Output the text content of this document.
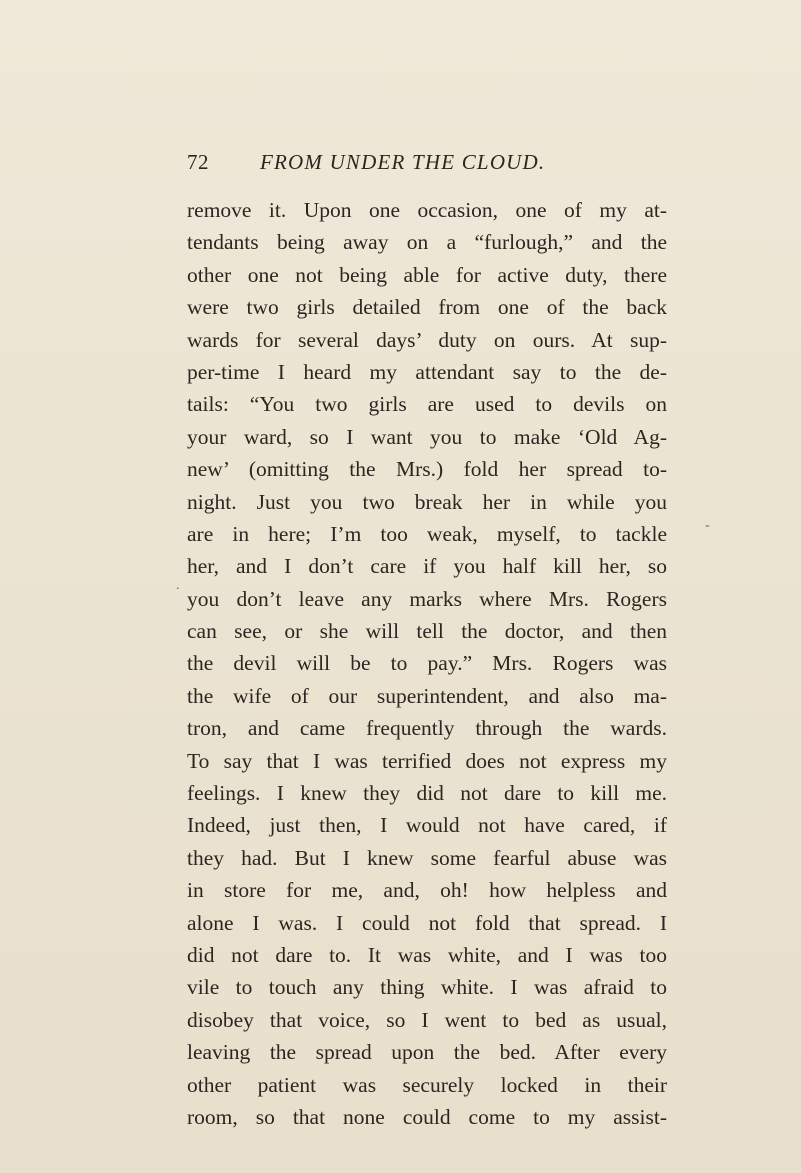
72 FROM UNDER THE CLOUD.
remove it. Upon one occasion, one of my at-
tendants being away on a “furlough,” and the
other one not being able for active duty, there
were two girls detailed from one of the back
wards for several days’ duty on ours. At sup-
per-time I heard my attendant say to the de-
tails: “You two girls are used to devils on
your ward, so I want you to make ‘Old Ag-
new’ (omitting the Mrs.) fold her spread to-
night. Just you two break her in while you
are in here; I’m too weak, myself, to tackle
her, and I don’t care if you half kill her, so
you don’t leave any marks where Mrs. Rogers
can see, or she will tell the doctor, and then
the devil will be to pay.” Mrs. Rogers was
the wife of our superintendent, and also ma-
tron, and came frequently through the wards.
To say that I was terrified does not express my
feelings. I knew they did not dare to kill me.
Indeed, just then, I would not have cared, if
they had. But I knew some fearful abuse was
in store for me, and, oh! how helpless and
alone I was. I could not fold that spread. I
did not dare to. It was white, and I was too
vile to touch any thing white. I was afraid to
disobey that voice, so I went to bed as usual,
leaving the spread upon the bed. After every
other patient was securely locked in their
room, so that none could come to my assist-
-
.
